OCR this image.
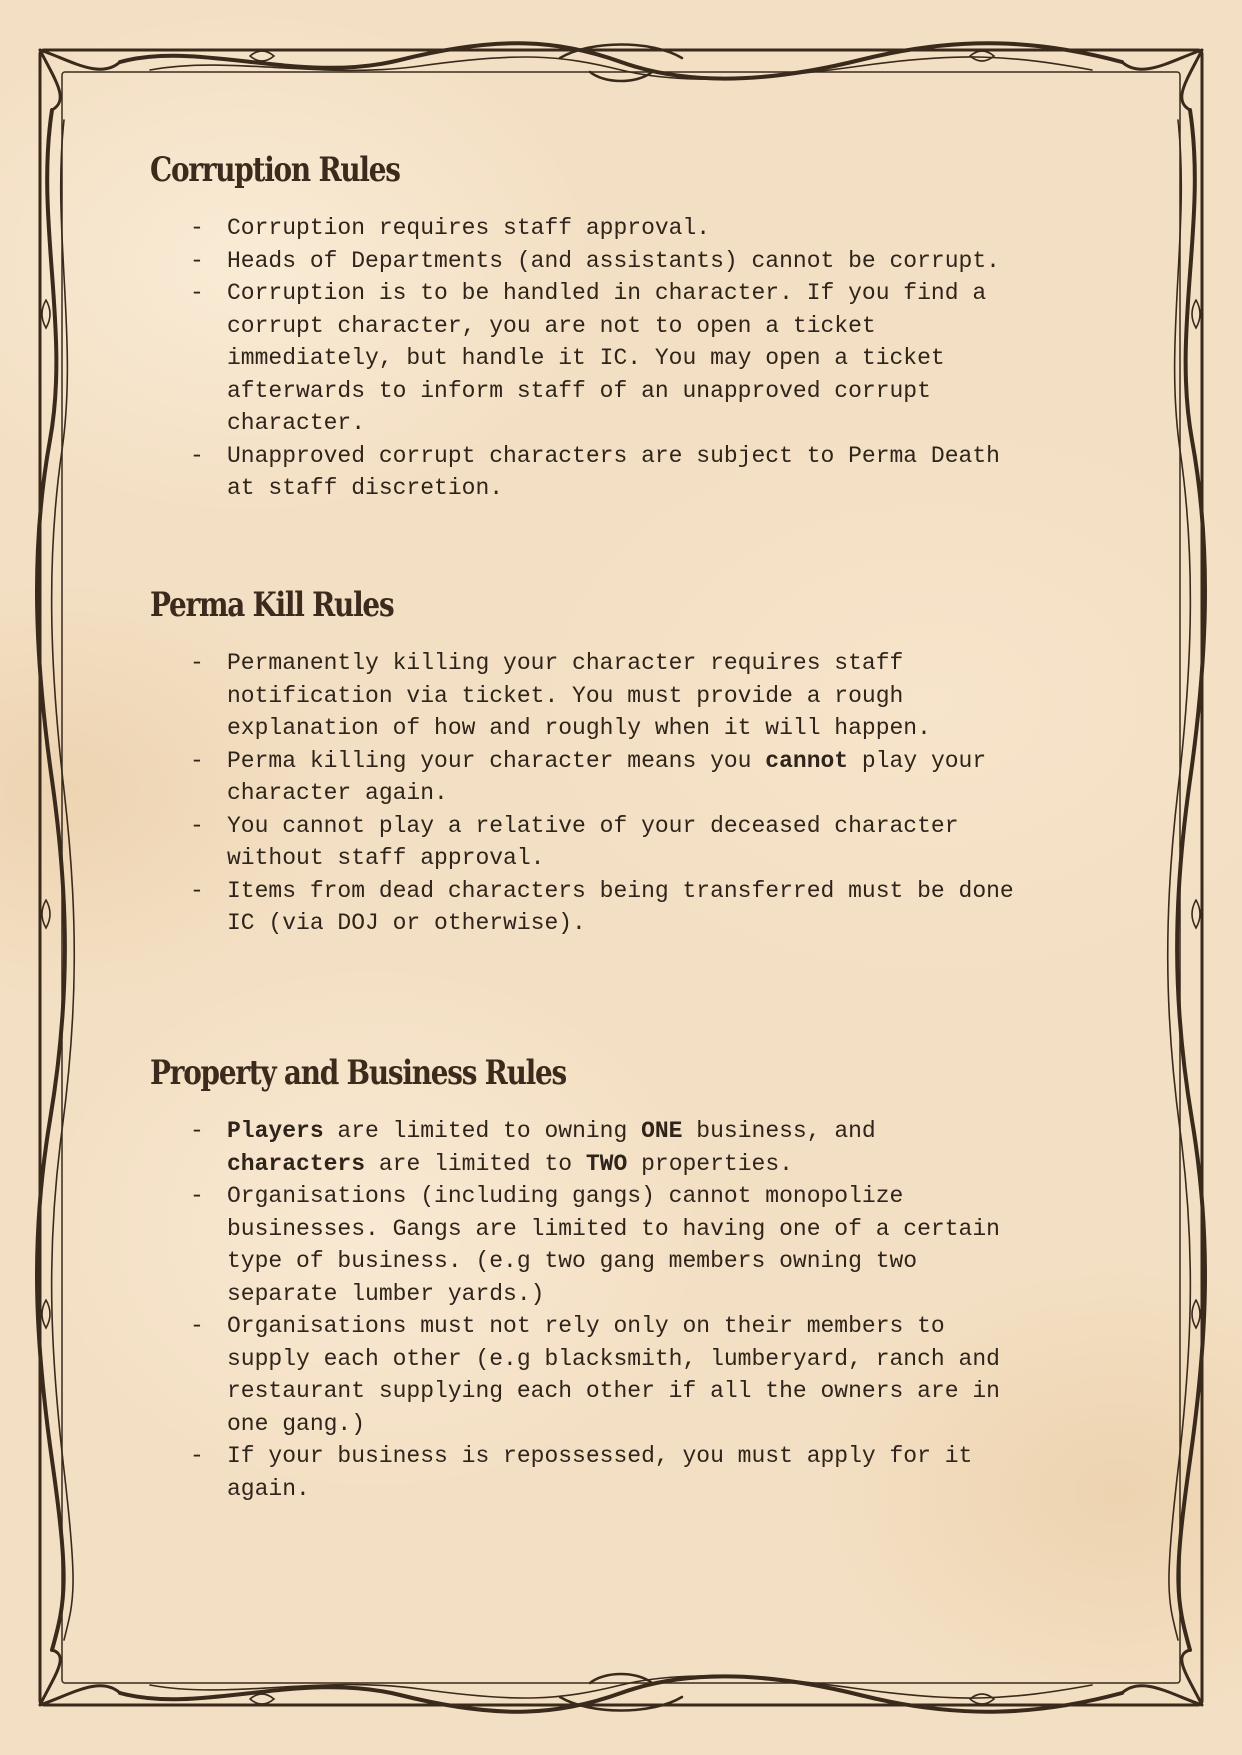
Corruption Rules
- Corruption requires staff approval.
- Heads of Departments (and assistants) cannot be corrupt.
- Corruption is to be handled in character. If you find a
corrupt character, you are not to open a ticket
immediately, but handle it IC. You may open a ticket
afterwards to inform staff of an unapproved corrupt
character.
- Unapproved corrupt characters are subject to Perma Death
at staff discretion.
Perma Kill Rules
- Permanently killing your character requires staff
notification via ticket. You must provide a rough
explanation of how and roughly when it will happen.
- Perma killing your character means you cannot play your
character again.
- You cannot play a relative of your deceased character
without staff approval.
- Items from dead characters being transferred must be done
IC (via DOJ or otherwise).
Property and Business Rules
- Players are limited to owning ONE business, and
characters are limited to TWO properties.
- Organisations (including gangs) cannot monopolize
businesses. Gangs are limited to having one of a certain
type of business. (e.g two gang members owning two
separate lumber yards.)
- Organisations must not rely only on their members to
supply each other (e.g blacksmith, lumberyard, ranch and
restaurant supplying each other if all the owners are in
one gang.)
- If your business is repossessed, you must apply for it
again.
